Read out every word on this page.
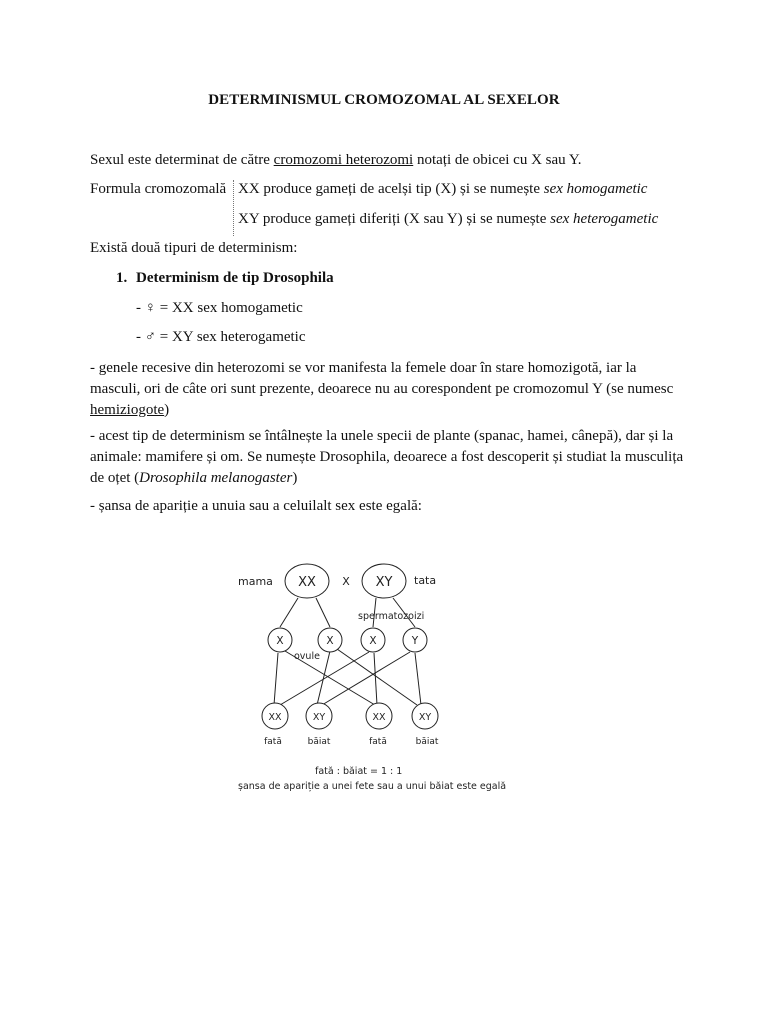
DETERMINISMUL CROMOZOMAL AL SEXELOR
Sexul este determinat de către cromozomi heterozomi notați de obicei cu X sau Y.
Formula cromozomală XX produce gameți de acelși tip (X) și se numește sex homogametic
XY produce gameți diferiți (X sau Y) și se numește sex heterogametic
Există două tipuri de determinism:
1. Determinism de tip Drosophila
- ♀ = XX sex homogametic
- ♂ = XY sex heterogametic
- genele recesive din heterozomi se vor manifesta la femele doar în stare homozigotă, iar la masculi, ori de câte ori sunt prezente, deoarece nu au corespondent pe cromozomul Y (se numesc hemiziogote)
- acest tip de determinism se întâlnește la unele specii de plante (spanac, hamei, cânepă), dar și la animale: mamifere și om. Se numește Drosophila, deoarece a fost descoperit și studiat la musculița de oțet (Drosophila melanogaster)
- șansa de apariție a unuia sau a celuilalt sex este egală:
XX	XY
mama	X	tata
spermatozoizi
X	X	X	Y
ovule
XX	XY	XX	XY
fată	băiat	fată	băiat
fată : băiat = 1 : 1
șansa de apariție a unei fete sau a unui băiat este egală
